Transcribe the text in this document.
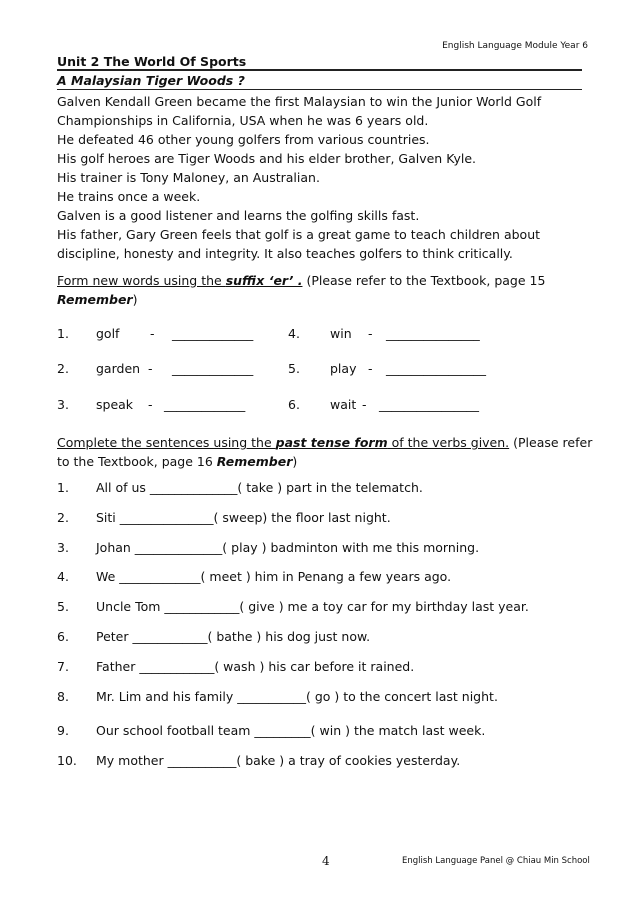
English Language Module Year 6
Unit 2 The World Of Sports
A Malaysian Tiger Woods ?
Galven Kendall Green became the first Malaysian to win the Junior World Golf
Championships in California, USA when he was 6 years old.
He defeated 46 other young golfers from various countries.
His golf heroes are Tiger Woods and his elder brother, Galven Kyle.
His trainer is Tony Maloney, an Australian.
He trains once a week.
Galven is a good listener and learns the golfing skills fast.
His father, Gary Green feels that golf is a great game to teach children about
discipline, honesty and integrity. It also teaches golfers to think critically.
Form new words using the suffix ‘er’ . (Please refer to the Textbook, page 15
Remember)
1. golf - _____________	4. win - _______________
2. garden - _____________	5. play - ________________
3. speak - _____________	6. wait - ________________
Complete the sentences using the past tense form of the verbs given. (Please refer
to the Textbook, page 16 Remember)
1. All of us ______________( take ) part in the telematch.
2. Siti _______________( sweep) the floor last night.
3. Johan ______________( play ) badminton with me this morning.
4. We _____________( meet ) him in Penang a few years ago.
5. Uncle Tom ____________( give ) me a toy car for my birthday last year.
6. Peter ____________( bathe ) his dog just now.
7. Father ____________( wash ) his car before it rained.
8. Mr. Lim and his family ___________( go ) to the concert last night.
9. Our school football team _________( win ) the match last week.
10. My mother ___________( bake ) a tray of cookies yesterday.
4	English Language Panel @ Chiau Min School
